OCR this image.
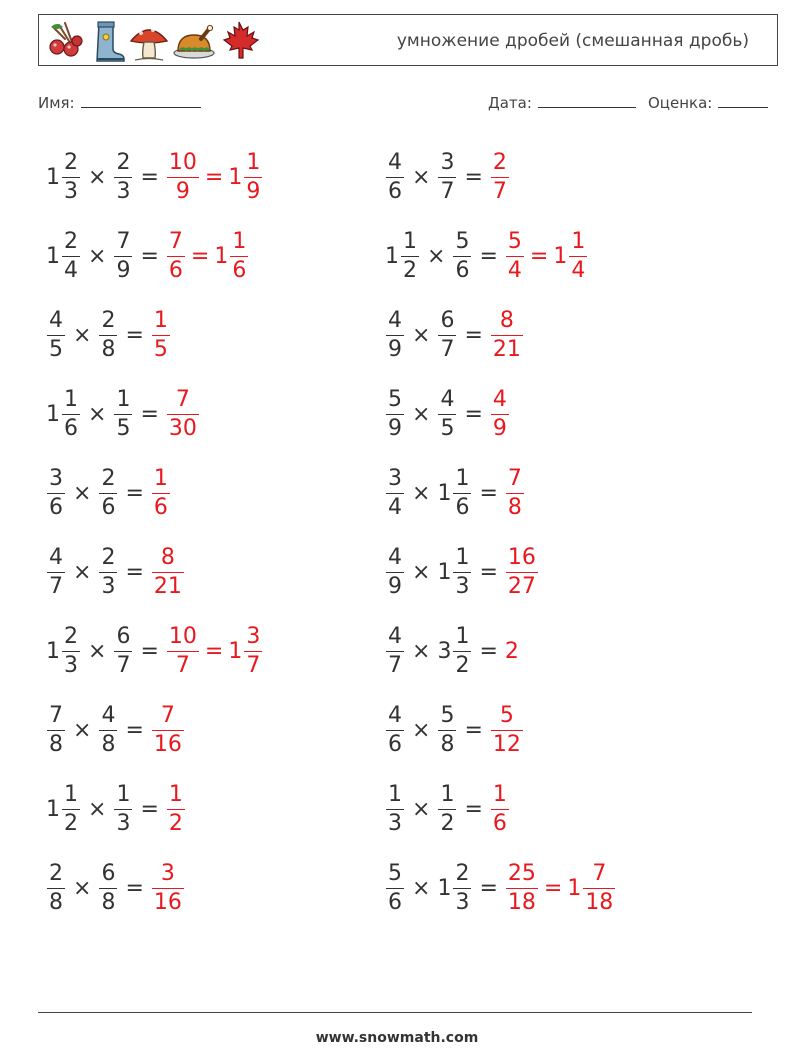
умножение дробей (смешанная дробь)
Имя:	Дата:	Оценка:
$1 \frac{2}{3} \times \frac{2}{3} = \frac{10}{9} = 1 \frac{1}{9}$
$1 \frac{2}{4} \times \frac{7}{9} = \frac{7}{6} = 1 \frac{1}{6}$
$\frac{4}{5} \times \frac{2}{8} = \frac{1}{5}$
$1 \frac{1}{6} \times \frac{1}{5} = \frac{7}{30}$
$\frac{3}{6} \times \frac{2}{6} = \frac{1}{6}$
$\frac{4}{7} \times \frac{2}{3} = \frac{8}{21}$
$1 \frac{2}{3} \times \frac{6}{7} = \frac{10}{7} = 1 \frac{3}{7}$
$\frac{7}{8} \times \frac{4}{8} = \frac{7}{16}$
$1 \frac{1}{2} \times \frac{1}{3} = \frac{1}{2}$
$\frac{2}{8} \times \frac{6}{8} = \frac{3}{16}$
$\frac{4}{6} \times \frac{3}{7} = \frac{2}{7}$
$1 \frac{1}{2} \times \frac{5}{6} = \frac{5}{4} = 1 \frac{1}{4}$
$\frac{4}{9} \times \frac{6}{7} = \frac{8}{21}$
$\frac{5}{9} \times \frac{4}{5} = \frac{4}{9}$
$\frac{3}{4} \times 1 \frac{1}{6} = \frac{7}{8}$
$\frac{4}{9} \times 1 \frac{1}{3} = \frac{16}{27}$
$\frac{4}{7} \times 3 \frac{1}{2} = 2$
$\frac{4}{6} \times \frac{5}{8} = \frac{5}{12}$
$\frac{1}{3} \times \frac{1}{2} = \frac{1}{6}$
$\frac{5}{6} \times 1 \frac{2}{3} = \frac{25}{18} = 1 \frac{7}{18}$
www.snowmath.com
